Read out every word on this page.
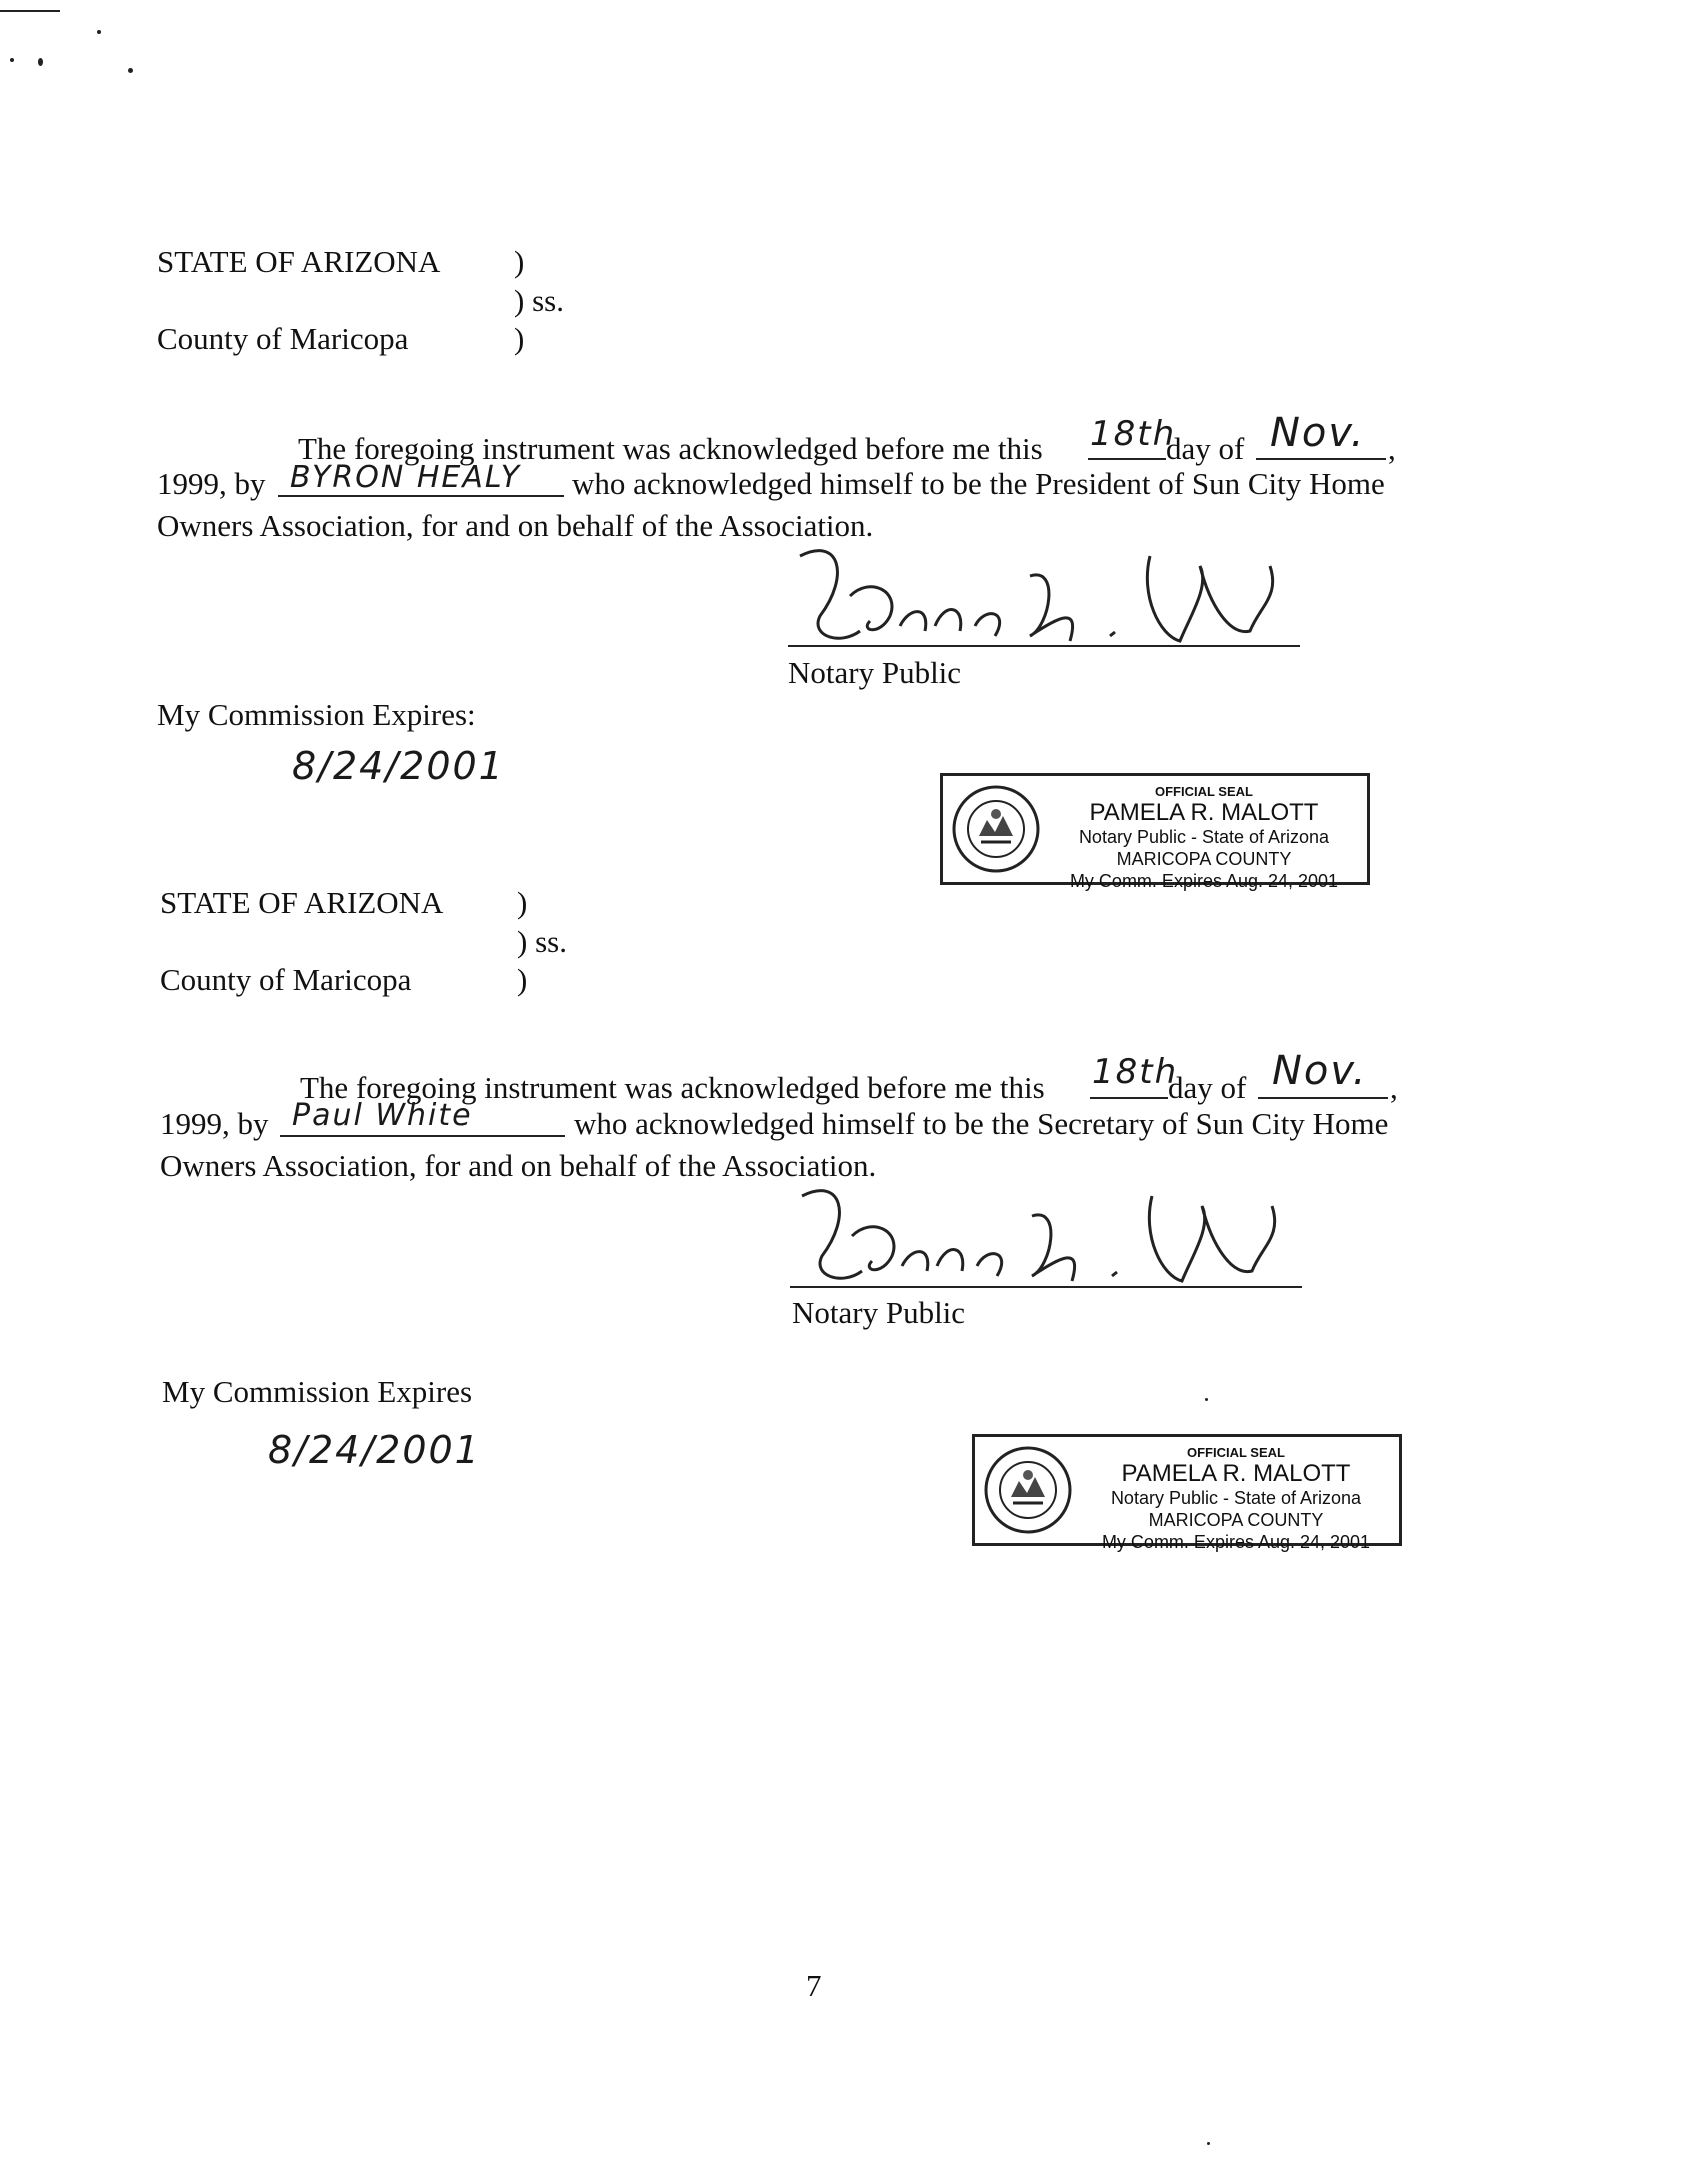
STATE OF ARIZONA )
) ss.
County of Maricopa	)
The foregoing instrument was acknowledged before me this 18th
day of Nov. ,
1999, by BYRON HEALY who acknowledged himself to be the President of Sun City Home
Owners Association, for and on behalf of the Association.
Notary Public
My Commission Expires:
8/24/2001
OFFICIAL SEAL
PAMELA R. MALOTT
Notary Public - State of Arizona
MARICOPA COUNTY
My Comm. Expires Aug. 24, 2001
STATE OF ARIZONA )
) ss.
County of Maricopa	)
The foregoing instrument was acknowledged before me this 18th
day of Nov. ,
1999, by Paul White	who acknowledged himself to be the Secretary of Sun City Home
Owners Association, for and on behalf of the Association.
Notary Public
My Commission Expires
8/24/2001	OFFICIAL SEAL
PAMELA R. MALOTT
Notary Public - State of Arizona
MARICOPA COUNTY
My Comm. Expires Aug. 24, 2001
7
